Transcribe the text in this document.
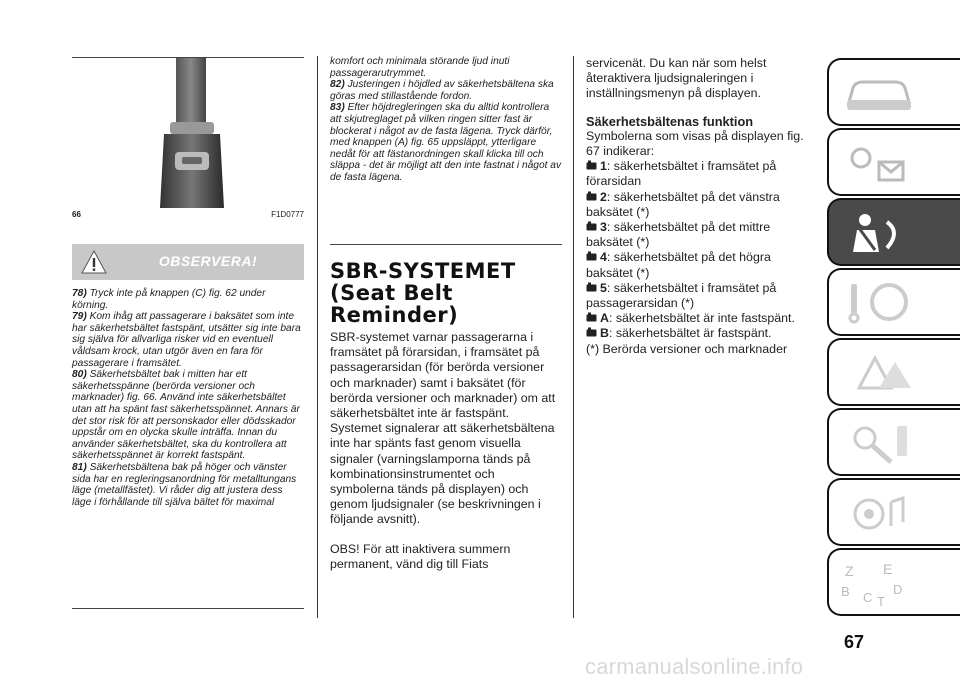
66	F1D0777
OBSERVERA!

78) Tryck inte på knappen (C) fig. 62 under körning.

79) Kom ihåg att passagerare i baksätet som inte har säkerhetsbältet fastspänt, utsätter sig inte bara sig själva för allvarliga risker vid en eventuell våldsam krock, utan utgör även en fara för passagerare i framsätet.

80) Säkerhetsbältet bak i mitten har ett säkerhetsspänne (berörda versioner och marknader) fig. 66. Använd inte säkerhetsbältet utan att ha spänt fast säkerhetsspännet. Annars är det stor risk för att personskador eller dödsskador uppstår om en olycka skulle inträffa. Innan du använder säkerhetsbältet, ska du kontrollera att säkerhetsspännet är korrekt fastspänt.

81) Säkerhetsbältena bak på höger och vänster sida har en regleringsanordning för metalltungans läge (metallfästet). Vi råder dig att justera dess läge i förhållande till själva bältet för maximal

komfort och minimala störande ljud inuti passagerarutrymmet.

82) Justeringen i höjdled av säkerhetsbältena ska göras med stillastående fordon.

83) Efter höjdregleringen ska du alltid kontrollera att skjutreglaget på vilken ringen sitter fast är blockerat i något av de fasta lägena. Tryck därför, med knappen (A) fig. 65 uppsläppt, ytterligare nedåt för att fästanordningen skall klicka till och släppa - det är möjligt att den inte fastnat i något av de fasta lägena.

SBR-SYSTEMET
(Seat Belt
Reminder)

SBR-systemet varnar passagerarna i framsätet på förarsidan, i framsätet på passagerarsidan (för berörda versioner och marknader) samt i baksätet (för berörda versioner och marknader) om att säkerhetsbältet inte är fastspänt.

Systemet signalerar att säkerhetsbältena inte har spänts fast genom visuella signaler (varningslamporna tänds på kombinationsinstrumentet och symbolerna tänds på displayen) och genom ljudsignaler (se beskrivningen i följande avsnitt).

OBS! För att inaktivera summern permanent, vänd dig till Fiats

servicenät. Du kan när som helst återaktivera ljudsignaleringen i inställningsmenyn på displayen.

Säkerhetsbältenas funktion

Symbolerna som visas på displayen fig. 67 indikerar:

1: säkerhetsbältet i framsätet på förarsidan

2: säkerhetsbältet på det vänstra baksätet (*)

3: säkerhetsbältet på det mittre baksätet (*)

4: säkerhetsbältet på det högra baksätet (*)

5: säkerhetsbältet i framsätet på passagerarsidan (*)

A: säkerhetsbältet är inte fastspänt.

B: säkerhetsbältet är fastspänt.

(*) Berörda versioner och marknader

Z E
B C T
D
67
carmanualsonline.info
